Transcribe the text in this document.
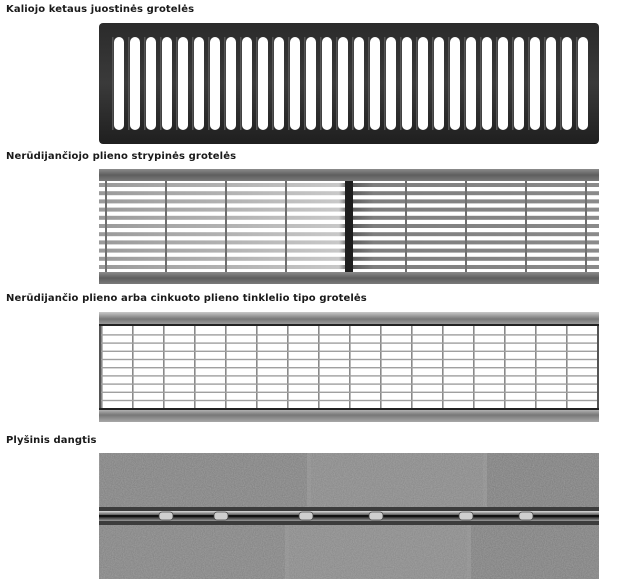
Kaliojo ketaus juostinės grotelės
Nerūdijančiojo plieno strypinės grotelės
Nerūdijančio plieno arba cinkuoto plieno tinklelio tipo grotelės
Plyšinis dangtis
